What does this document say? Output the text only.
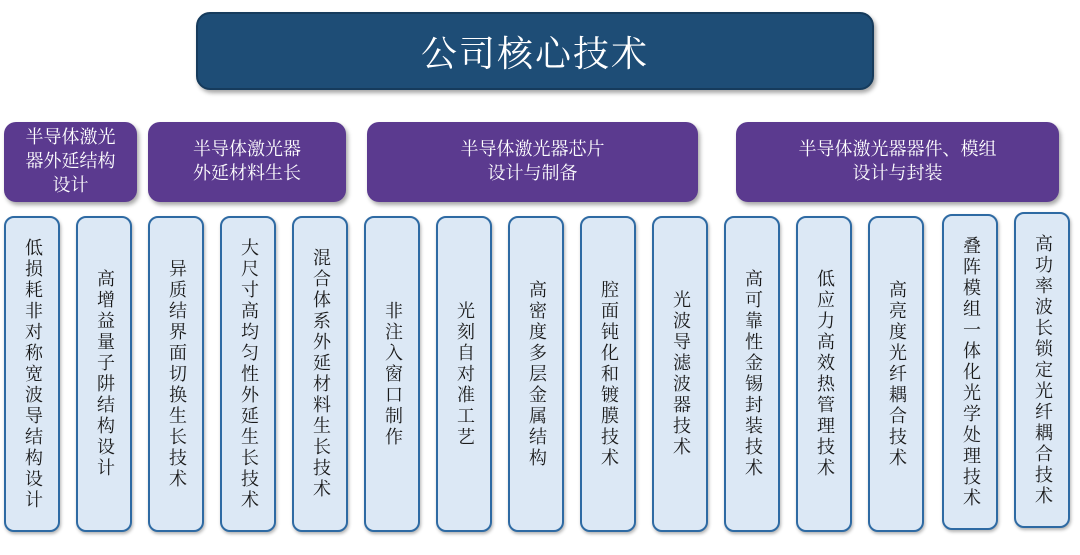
公司核心技术
半导体激光
器外延结构
设计
半导体激光器
外延材料生长
半导体激光器芯片
设计与制备
半导体激光器器件、模组
设计与封装
低损耗非对称宽波导结构设计	高增益量子阱结构设计	异质结界面切换生长技术	大尺寸高均匀性外延生长技术	混合体系外延材料生长技术	非注入窗口制作	光刻自对准工艺	高密度多层金属结构	腔面钝化和镀膜技术	光波导滤波器技术	高可靠性金锡封装技术	低应力高效热管理技术	高亮度光纤耦合技术	叠阵模组一体化光学处理技术	高功率波长锁定光纤耦合技术
